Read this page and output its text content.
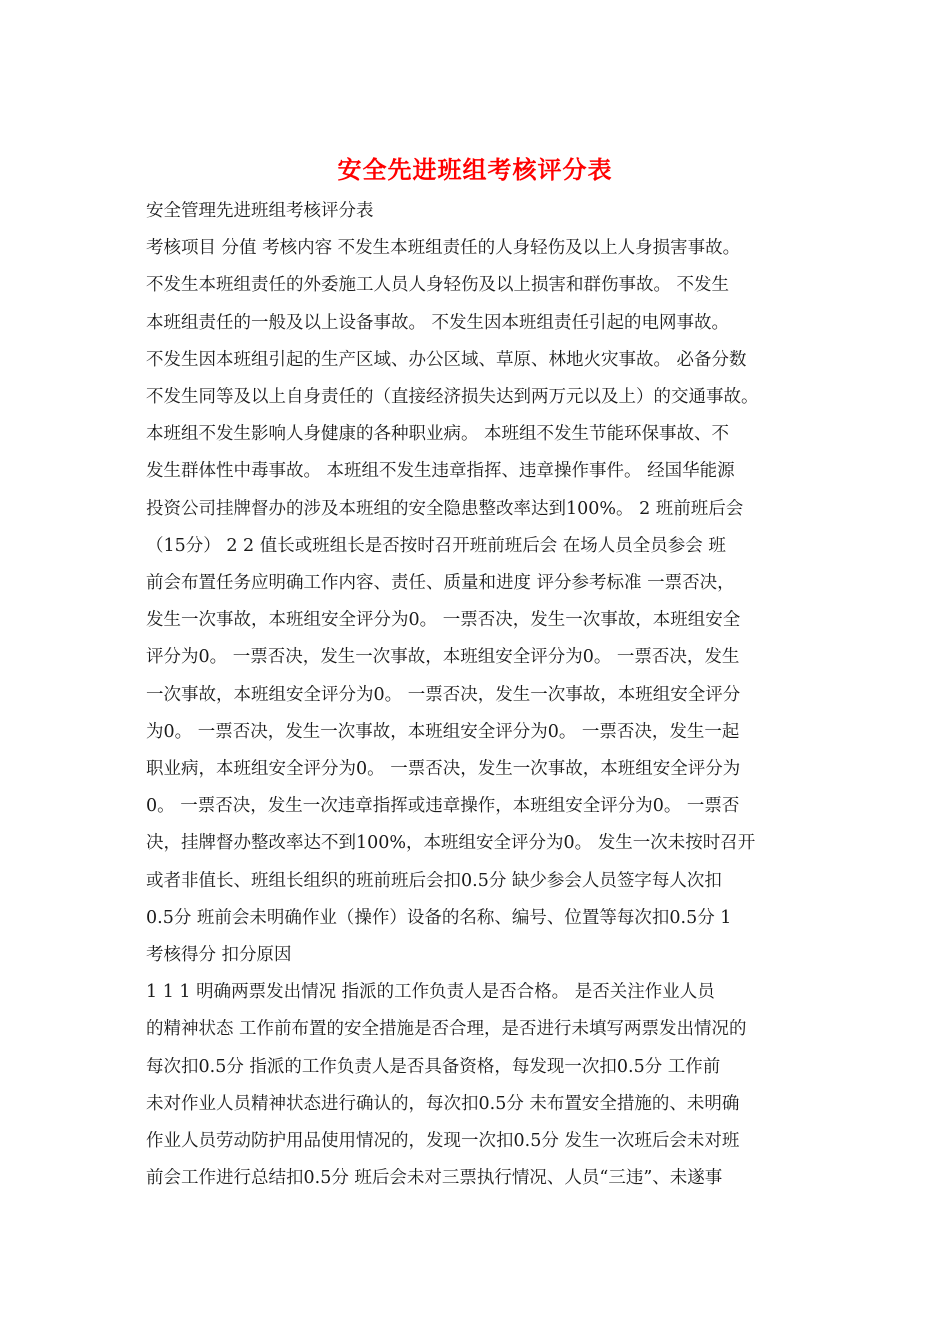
安全先进班组考核评分表
安全管理先进班组考核评分表
考核项目 分值 考核内容 不发生本班组责任的人身轻伤及以上人身损害事故。
不发生本班组责任的外委施工人员人身轻伤及以上损害和群伤事故。 不发生
本班组责任的一般及以上设备事故。 不发生因本班组责任引起的电网事故。
不发生因本班组引起的生产区域、办公区域、草原、林地火灾事故。 必备分数
不发生同等及以上自身责任的（直接经济损失达到两万元以及上）的交通事故。
本班组不发生影响人身健康的各种职业病。 本班组不发生节能环保事故、不
发生群体性中毒事故。 本班组不发生违章指挥、违章操作事件。 经国华能源
投资公司挂牌督办的涉及本班组的安全隐患整改率达到100%。 2 班前班后会
（15分） 2 2 值长或班组长是否按时召开班前班后会 在场人员全员参会 班
前会布置任务应明确工作内容、责任、质量和进度 评分参考标准 一票否决，
发生一次事故，本班组安全评分为0。 一票否决，发生一次事故，本班组安全
评分为0。 一票否决，发生一次事故，本班组安全评分为0。 一票否决，发生
一次事故，本班组安全评分为0。 一票否决，发生一次事故，本班组安全评分
为0。 一票否决，发生一次事故，本班组安全评分为0。 一票否决，发生一起
职业病，本班组安全评分为0。 一票否决，发生一次事故，本班组安全评分为
0。 一票否决，发生一次违章指挥或违章操作，本班组安全评分为0。 一票否
决，挂牌督办整改率达不到100%，本班组安全评分为0。 发生一次未按时召开
或者非值长、班组长组织的班前班后会扣0.5分 缺少参会人员签字每人次扣
0.5分 班前会未明确作业（操作）设备的名称、编号、位置等每次扣0.5分 1
考核得分 扣分原因
1 1 1 明确两票发出情况 指派的工作负责人是否合格。 是否关注作业人员
的精神状态 工作前布置的安全措施是否合理，是否进行未填写两票发出情况的
每次扣0.5分 指派的工作负责人是否具备资格，每发现一次扣0.5分 工作前
未对作业人员精神状态进行确认的，每次扣0.5分 未布置安全措施的、未明确
作业人员劳动防护用品使用情况的，发现一次扣0.5分 发生一次班后会未对班
前会工作进行总结扣0.5分 班后会未对三票执行情况、人员“三违”、未遂事
